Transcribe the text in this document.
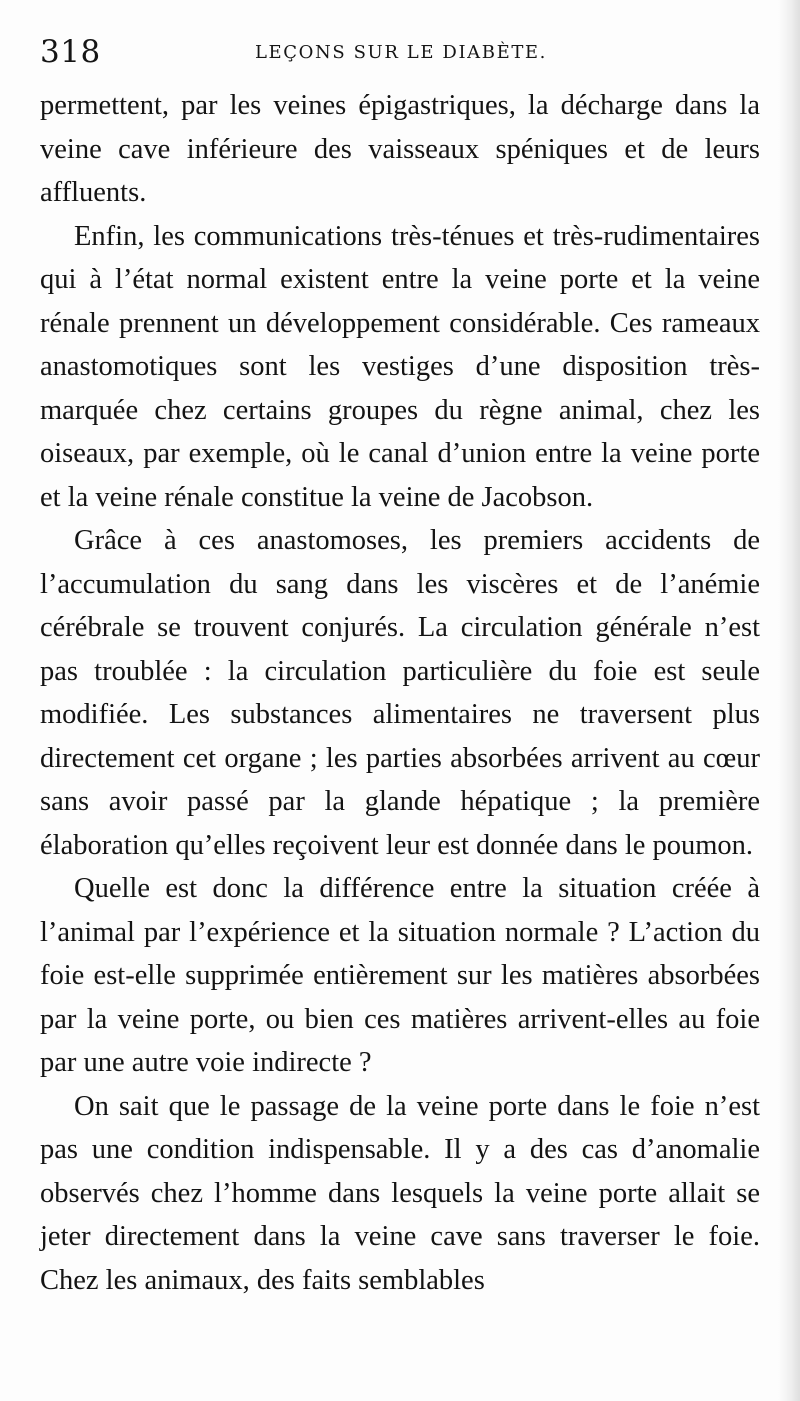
318	LEÇONS SUR LE DIABÈTE.

permettent, par les veines épigastriques, la décharge dans la veine cave inférieure des vaisseaux spéniques et de leurs affluents.

Enfin, les communications très-ténues et très-rudimentaires qui à l’état normal existent entre la veine porte et la veine rénale prennent un développement considérable. Ces rameaux anastomotiques sont les vestiges d’une disposition très-marquée chez certains groupes du règne animal, chez les oiseaux, par exemple, où le canal d’union entre la veine porte et la veine rénale constitue la veine de Jacobson.

Grâce à ces anastomoses, les premiers accidents de l’accumulation du sang dans les viscères et de l’anémie cérébrale se trouvent conjurés. La circulation générale n’est pas troublée : la circulation particulière du foie est seule modifiée. Les substances alimentaires ne traversent plus directement cet organe ; les parties absorbées arrivent au cœur sans avoir passé par la glande hépatique ; la première élaboration qu’elles reçoivent leur est donnée dans le poumon.

Quelle est donc la différence entre la situation créée à l’animal par l’expérience et la situation normale ? L’action du foie est-elle supprimée entièrement sur les matières absorbées par la veine porte, ou bien ces matières arrivent-elles au foie par une autre voie indirecte ?

On sait que le passage de la veine porte dans le foie n’est pas une condition indispensable. Il y a des cas d’anomalie observés chez l’homme dans lesquels la veine porte allait se jeter directement dans la veine cave sans traverser le foie. Chez les animaux, des faits semblables
